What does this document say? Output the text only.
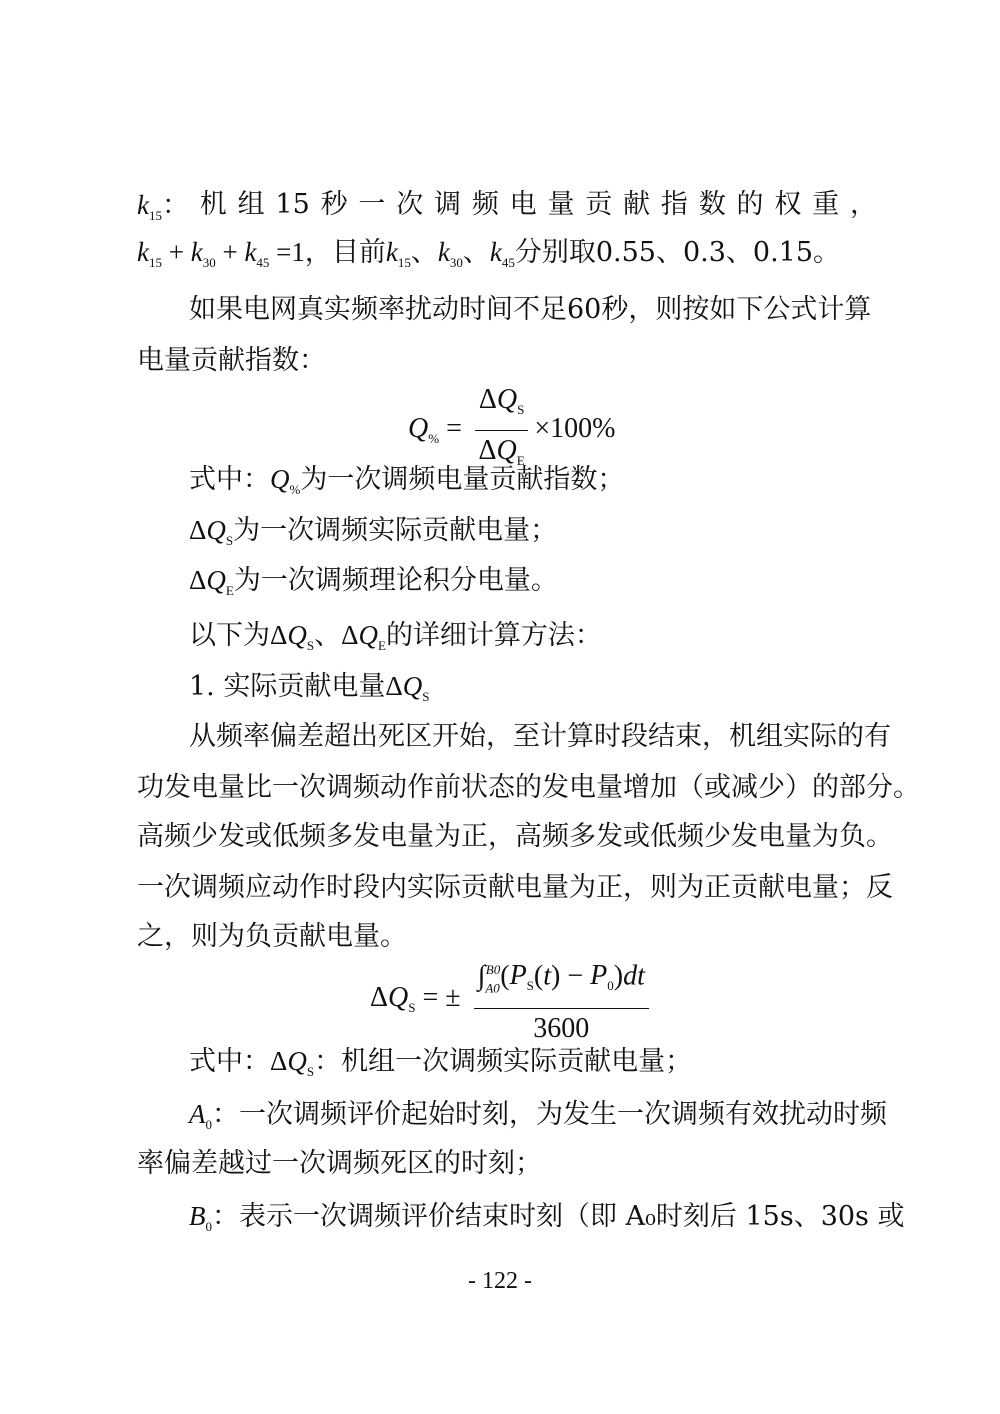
$k_{15}$： 机 组 15 秒 一 次 调 频 电 量 贡 献 指 数 的 权 重 ，
$k_{15} + k_{30} + k_{45} =1$，目前$k_{15}$、$k_{30}$、$k_{45}$分别取0.55、0.3、0.15。
如果电网真实频率扰动时间不足60秒，则按如下公式计算
电量贡献指数：
$Q_{\%} = \frac{\Delta Q_S}{\Delta Q_E} \times 100\%$
式中：$Q_{\%}$为一次调频电量贡献指数；
$\Delta Q_S$为一次调频实际贡献电量；
$\Delta Q_E$为一次调频理论积分电量。
以下为$\Delta Q_S$、$\Delta Q_E$的详细计算方法：
1. 实际贡献电量$\Delta Q_S$
从频率偏差超出死区开始，至计算时段结束，机组实际的有
功发电量比一次调频动作前状态的发电量增加（或减少）的部分。
高频少发或低频多发电量为正，高频多发或低频少发电量为负。
一次调频应动作时段内实际贡献电量为正，则为正贡献电量；反
之，则为负贡献电量。
$\Delta Q_S$ = ± $\frac{\int_{A0}^{B0}(P_S(t) - P_0)dt}{3600}$
式中：$\Delta Q_S$：机组一次调频实际贡献电量；
$A_0$：一次调频评价起始时刻，为发生一次调频有效扰动时频
率偏差越过一次调频死区的时刻；
$B_0$：表示一次调频评价结束时刻（即 A₀时刻后 15s、30s 或
- 122 -
